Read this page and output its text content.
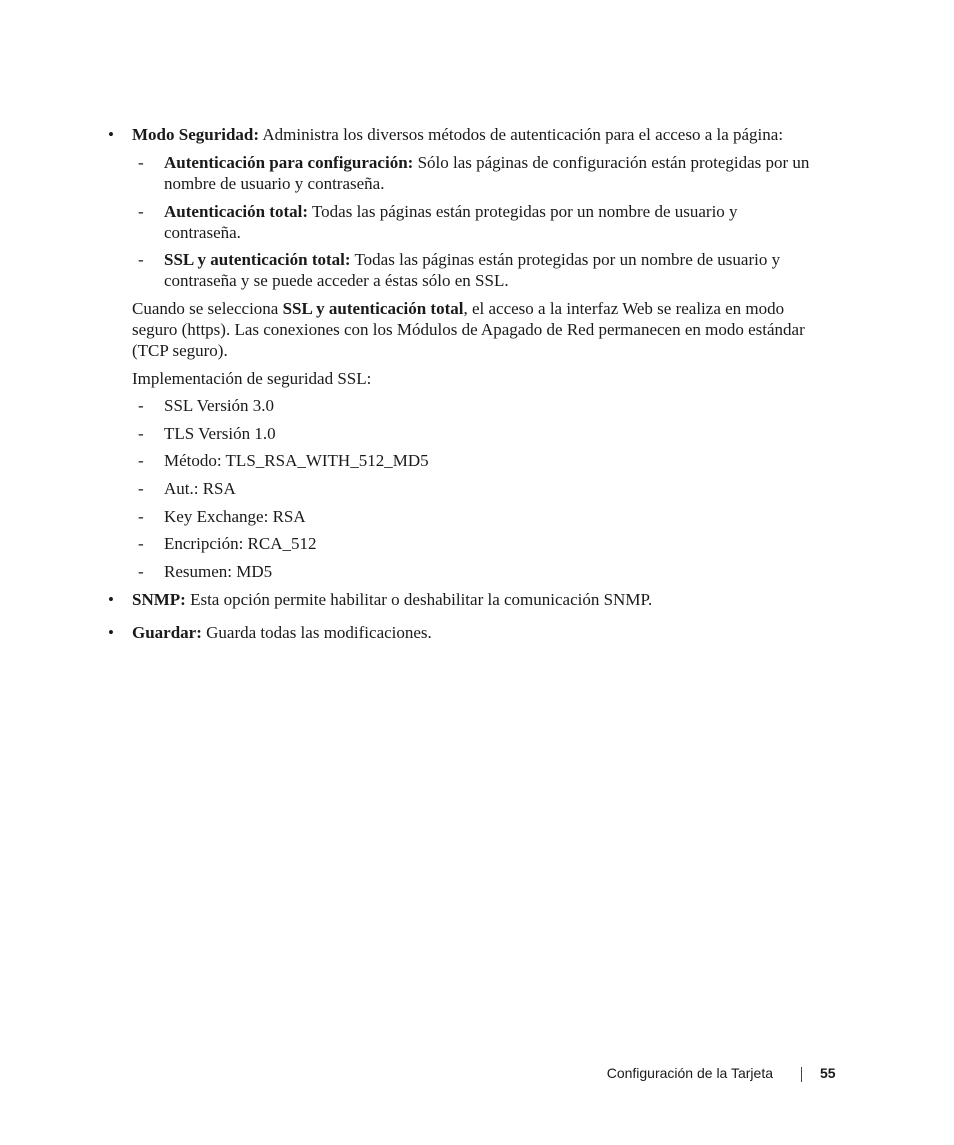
• Modo Seguridad: Administra los diversos métodos de autenticación para el acceso a la página:
- Autenticación para configuración: Sólo las páginas de configuración están protegidas por un
nombre de usuario y contraseña.
- Autenticación total: Todas las páginas están protegidas por un nombre de usuario y
contraseña.
- SSL y autenticación total: Todas las páginas están protegidas por un nombre de usuario y
contraseña y se puede acceder a éstas sólo en SSL.
Cuando se selecciona SSL y autenticación total, el acceso a la interfaz Web se realiza en modo
seguro (https). Las conexiones con los Módulos de Apagado de Red permanecen en modo estándar
(TCP seguro).
Implementación de seguridad SSL:
- SSL Versión 3.0
- TLS Versión 1.0
- Método: TLS_RSA_WITH_512_MD5
- Aut.: RSA
- Key Exchange: RSA
- Encripción: RCA_512
- Resumen: MD5
• SNMP: Esta opción permite habilitar o deshabilitar la comunicación SNMP.
• Guardar: Guarda todas las modificaciones.
Configuración de la Tarjeta	55
